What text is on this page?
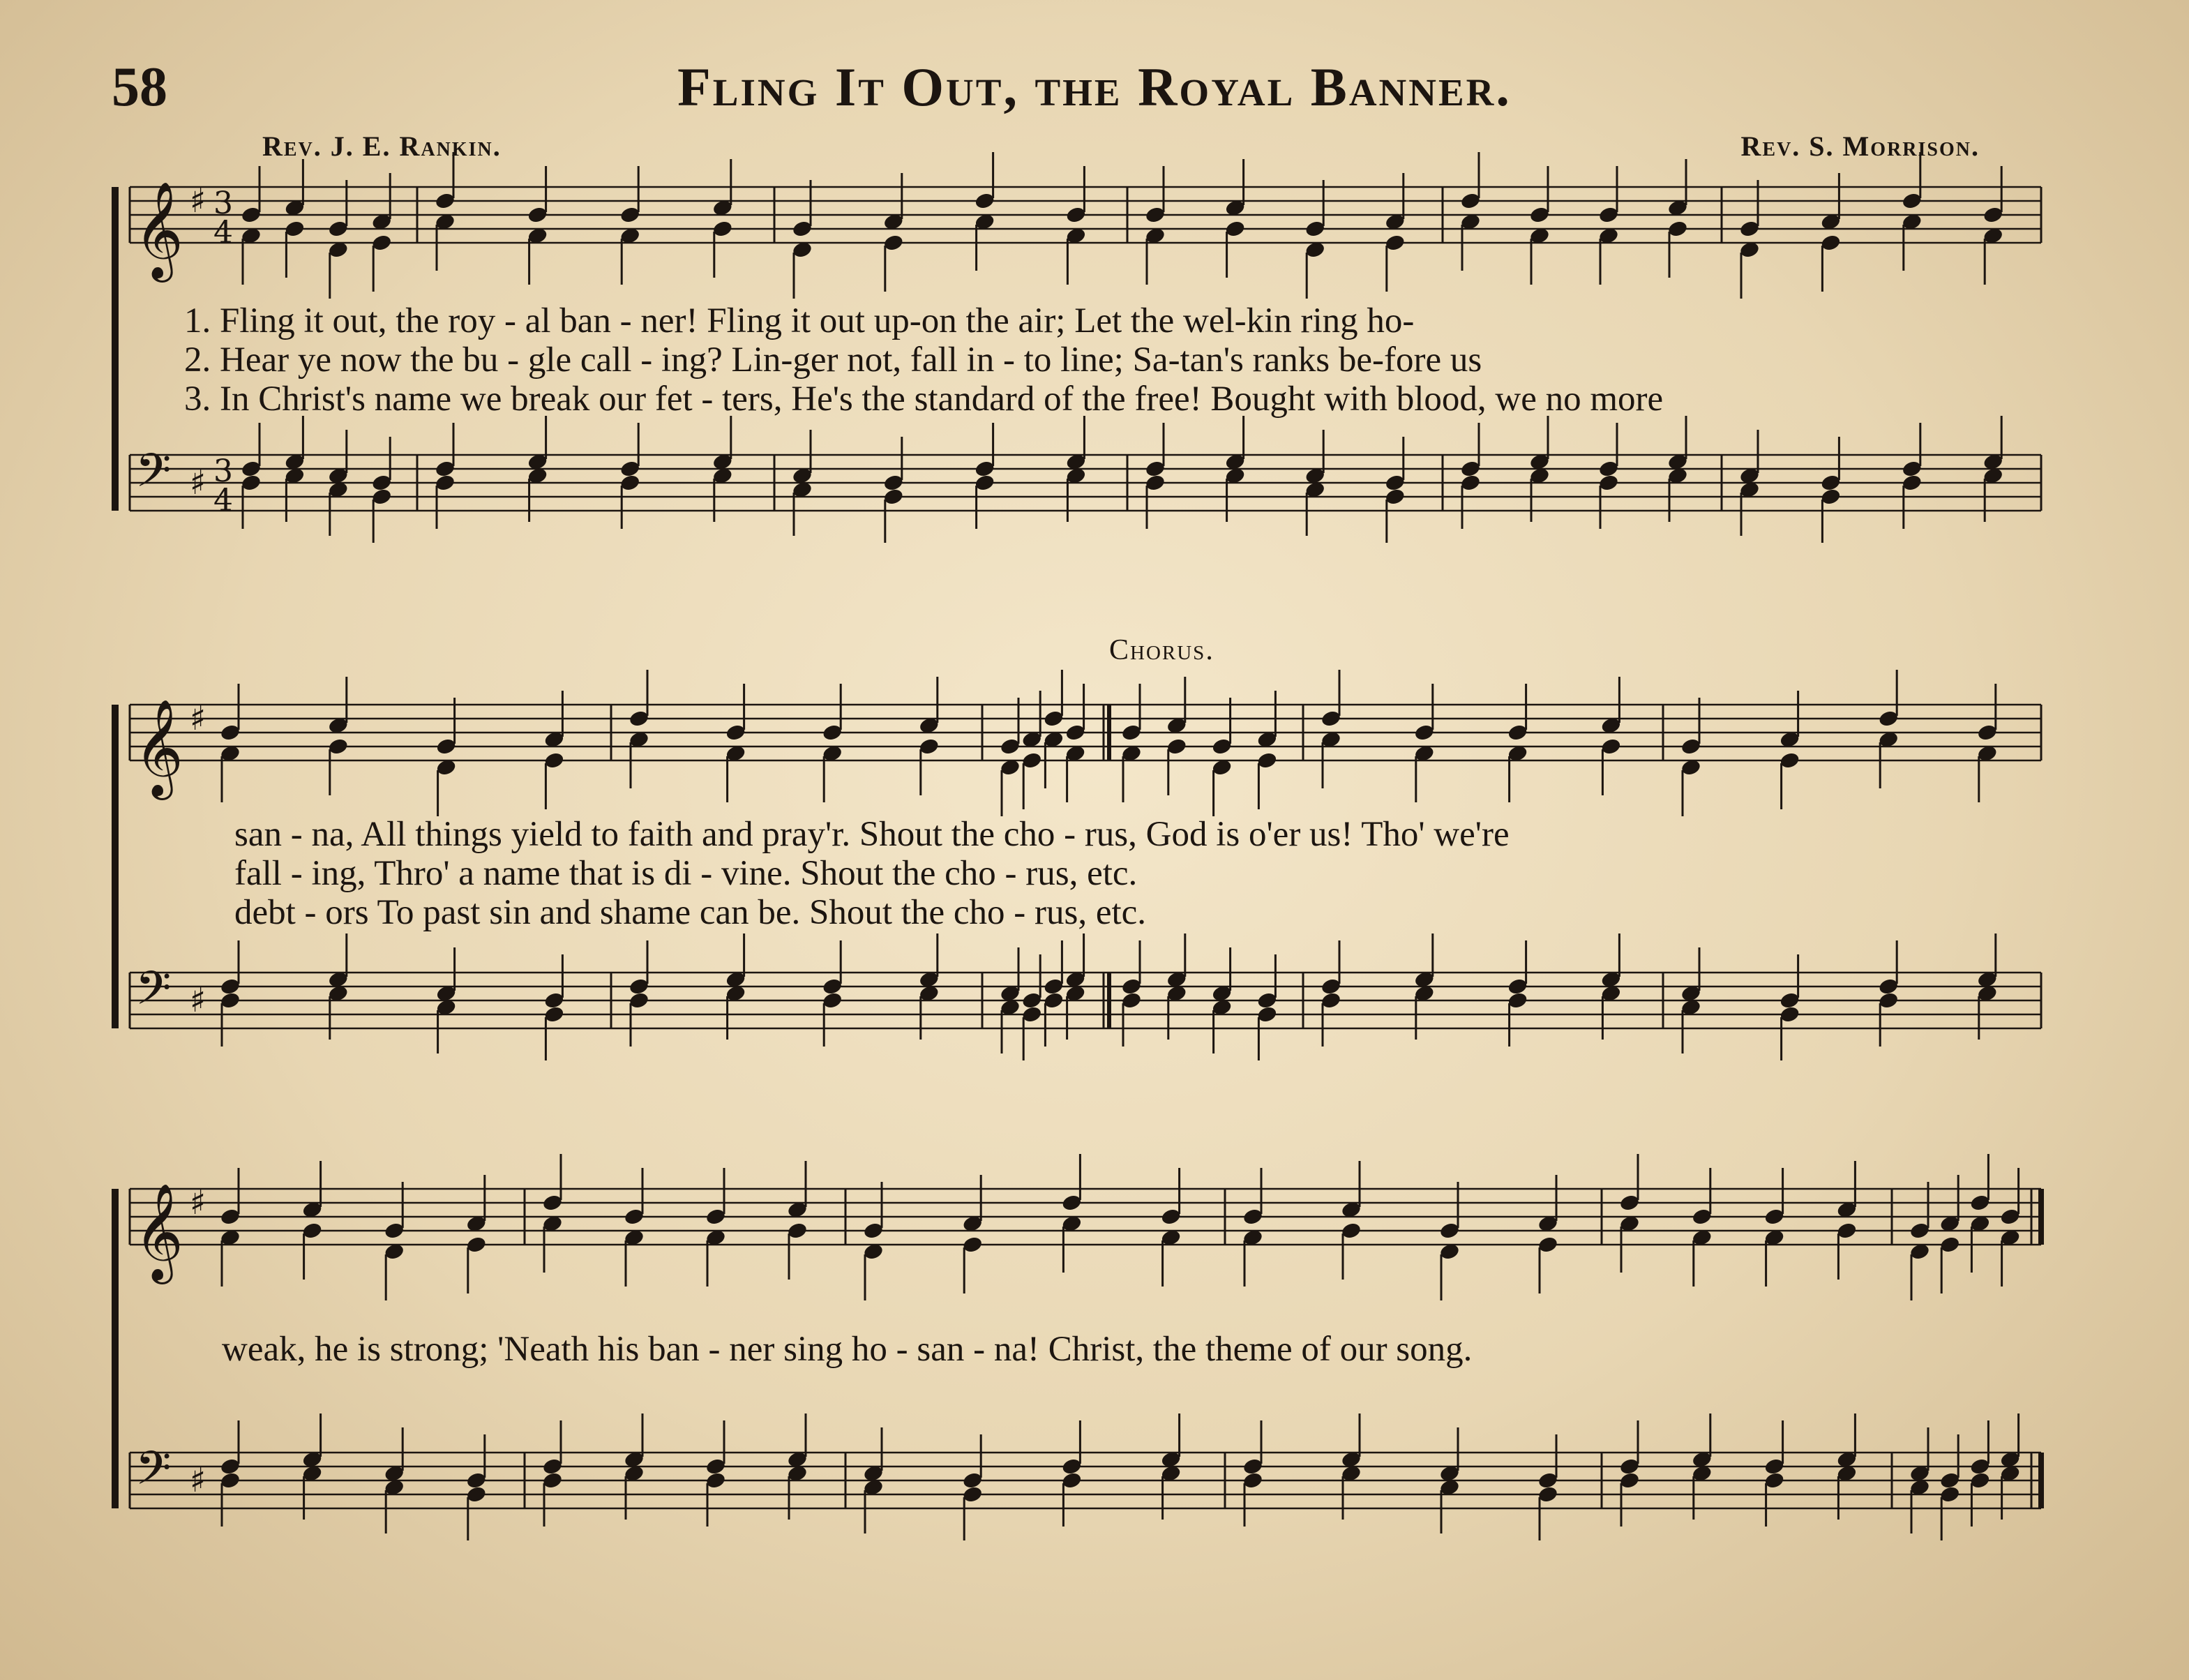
58	Fling It Out, the Royal Banner.
Rev. J. E. Rankin.	Rev. S. Morrison.
𝄞 ♯ 3
4
𝄢 ♯ 3
4
𝄞 ♯
𝄢 ♯
𝄞 ♯
𝄢 ♯
1. Fling it out, the roy - al ban - ner! Fling it out up-on the air; Let the wel-kin ring ho-
2. Hear ye now the bu - gle call - ing? Lin-ger not, fall in - to line; Sa-tan's ranks be-fore us
3. In Christ's name we break our fet - ters, He's the standard of the free! Bought with blood, we no more
Chorus.
san - na, All things yield to faith and pray'r. Shout the cho - rus, God is o'er us! Tho' we're
fall - ing, Thro' a name that is di - vine. Shout the cho - rus, etc.
debt - ors To past sin and shame can be. Shout the cho - rus, etc.
weak, he is strong; 'Neath his ban - ner sing ho - san - na! Christ, the theme of our song.
